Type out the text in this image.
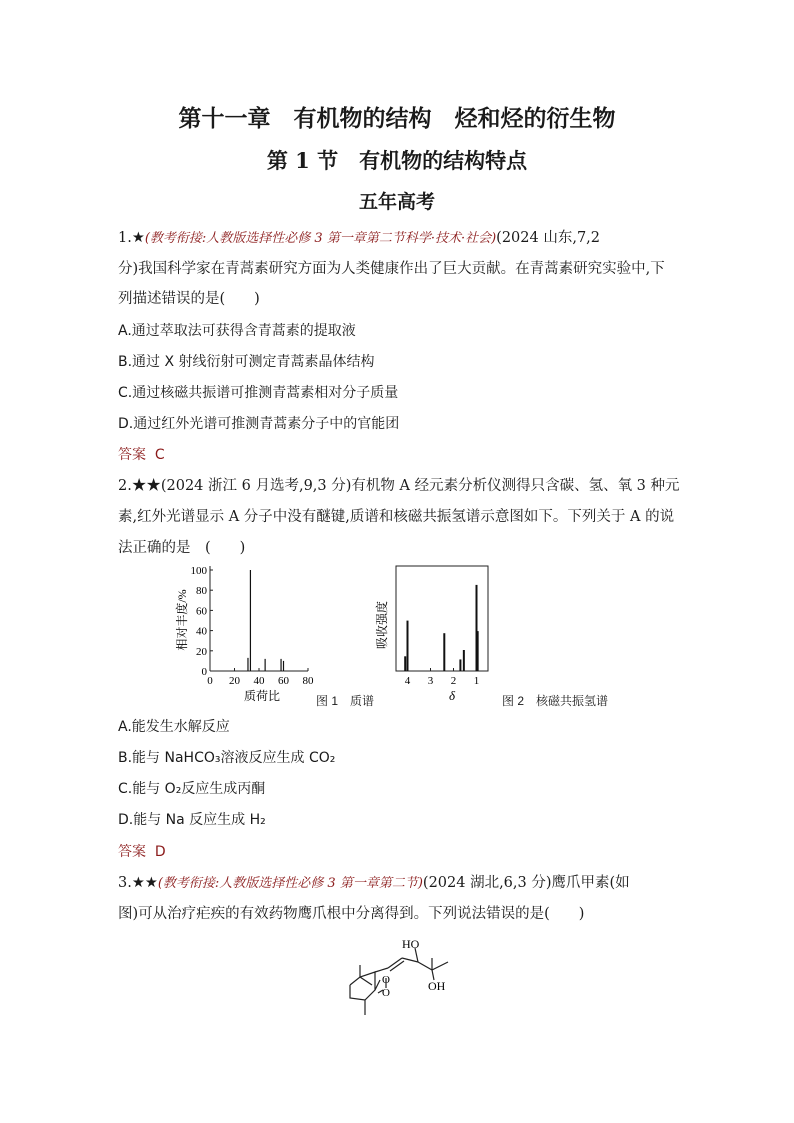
第十一章　有机物的结构　烃和烃的衍生物
第 1 节　有机物的结构特点
五年高考
1.★(教考衔接:人教版选择性必修 3 第一章第二节科学·技术·社会)(2024 山东,7,2
分)我国科学家在青蒿素研究方面为人类健康作出了巨大贡献。在青蒿素研究实验中,下
列描述错误的是(　　)
A.通过萃取法可获得含青蒿素的提取液
B.通过 X 射线衍射可测定青蒿素晶体结构
C.通过核磁共振谱可推测青蒿素相对分子质量
D.通过红外光谱可推测青蒿素分子中的官能团
答案 C
2.★★(2024 浙江 6 月选考,9,3 分)有机物 A 经元素分析仪测得只含碳、氢、氧 3 种元
素,红外光谱显示 A 分子中没有醚键,质谱和核磁共振氢谱示意图如下。下列关于 A 的说
法正确的是　(　　)
100
80
60
40
20
0
0 20 40 60 80
相对丰度/%
质荷比	图 1　质谱
4 3 2 1
吸收强度
δ	图 2　核磁共振氢谱
A.能发生水解反应
B.能与 NaHCO₃溶液反应生成 CO₂
C.能与 O₂反应生成丙酮
D.能与 Na 反应生成 H₂
答案 D
3.★★(教考衔接:人教版选择性必修 3 第一章第二节)(2024 湖北,6,3 分)鹰爪甲素(如
图)可从治疗疟疾的有效药物鹰爪根中分离得到。下列说法错误的是(　　)
HO
OH
O
O
